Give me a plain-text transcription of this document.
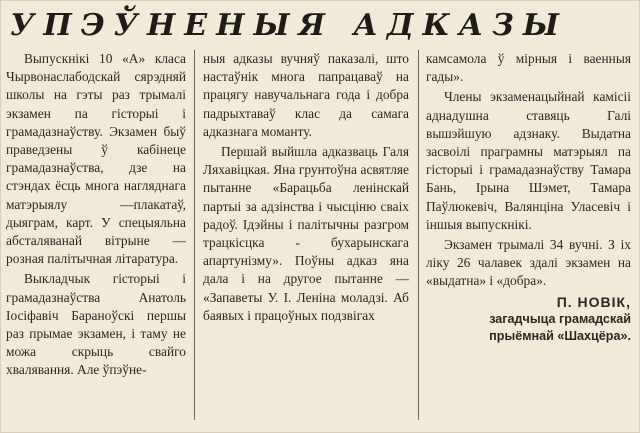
УПЭЎНЕНЫЯ АДКАЗЫ

Выпускнікі 10 «А» класа Чырвонаслабодскай сярэдняй школы на гэты раз трымалі экзамен па гісторыі і грамадазнаўству. Экзамен быў праведзены ў кабінеце грамадазнаўства, дзе на стэндах ёсць многа нагляднага матэрыялу —плакатаў, дыяграм, карт. У спецыяльна абсталяванай вітрыне — розная палітычная літаратура.

Выкладчык гісторыі і грамадазнаўства Анатоль Іосіфавіч Бараноўскі першы раз прымае экзамен, і таму не можа скрыць свайго хвалявання. Але ўпэўне-

ныя адказы вучняў паказалі, што настаўнік многа папрацаваў на працягу навучальнага года і добра падрыхтаваў клас да самага адказнага моманту.

Першай выйшла адказваць Галя Ляхавіцкая. Яна грунтоўна асвятляе пытанне «Барацьба ленінскай партыі за адзінства і чысціню сваіх радоў. Ідэйны і палітычны разгром трацкісцка - бухарынскага апартунізму». Поўны адказ яна дала і на другое пытанне — «Запаветы У. І. Леніна моладзі. Аб баявых і працоўных подзвігах

камсамола ў мірныя і ваенныя гады».

Члены экзаменацыйнай камісіі аднадушна ставяць Галі вышэйшую адзнаку. Выдатна засвоілі праграмны матэрыял па гісторыі і грамадазнаўству Тамара Бань, Ірына Шэмет, Тамара Паўлюкевіч, Валянціна Уласевіч і іншыя выпускнікі.

Экзамен трымалі 34 вучні. З іх ліку 26 чалавек здалі экзамен на «выдатна» і «добра».

П. НОВІК,
загадчыца грамадскай
прыёмнай «Шахцёра».
